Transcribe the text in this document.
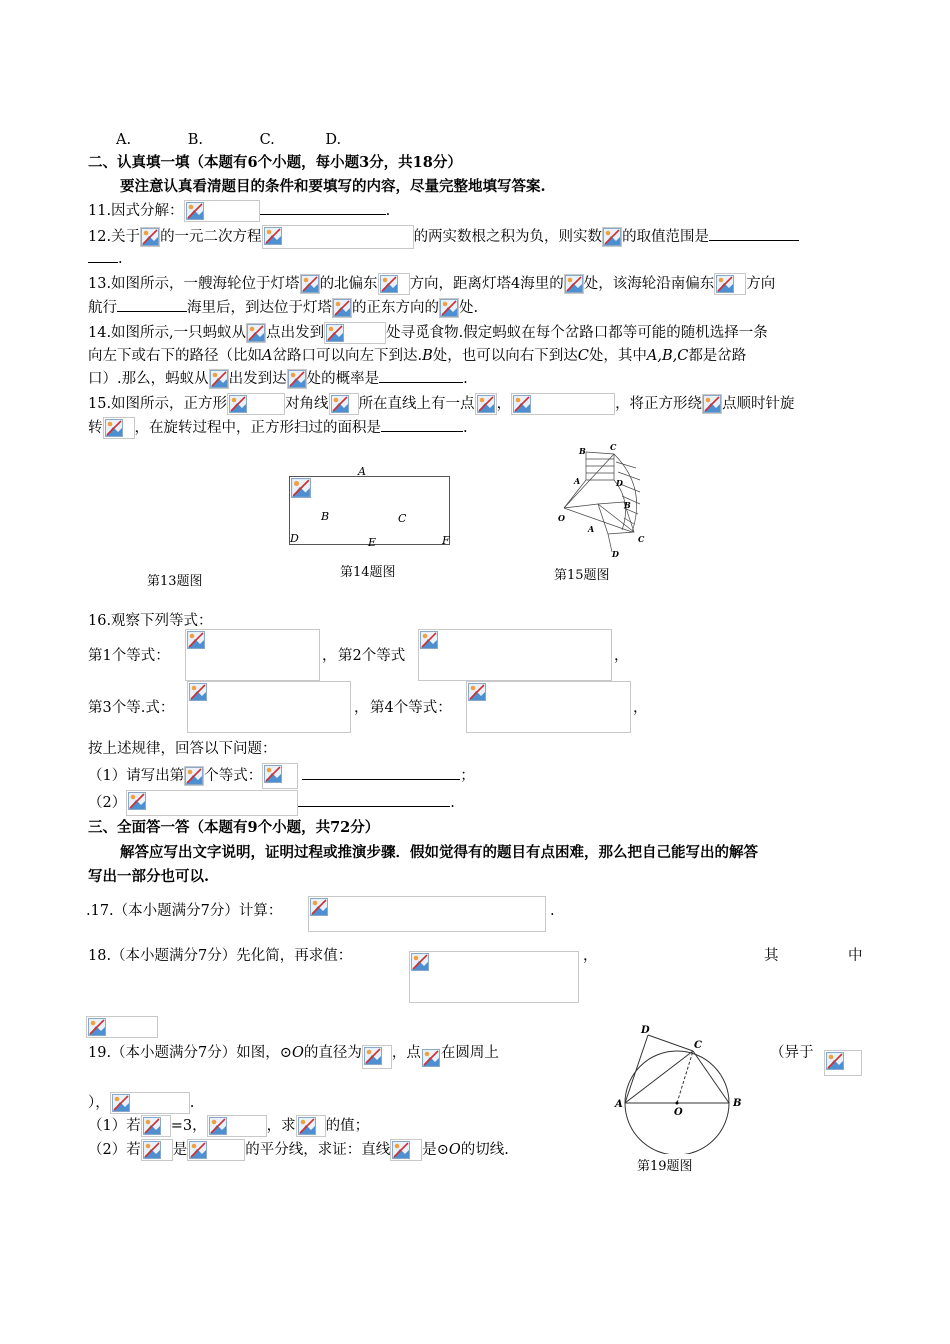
A.	B.	C.	D.
二、认真填一填（本题有6个小题，每小题3分，共18分）
要注意认真看清题目的条件和要填写的内容，尽量完整地填写答案.
11.因式分解：	.
12.关于 的一元二次方程	的两实数根之积为负，则实数 的取值范围是
.
13.如图所示，一艘海轮位于灯塔 的北偏东 方向，距离灯塔4海里的 处，该海轮沿南偏东 方向
航行	海里后，到达位于灯塔 的正东方向的 处.
14.如图所示,一只蚂蚁从 点出发到	处寻觅食物.假定蚂蚁在每个岔路口都等可能的随机选择一条
向左下或右下的路径（比如A岔路口可以向左下到达.B处，也可以向右下到达C处，其中A,B,C都是岔路
口）.那么，蚂蚁从 出发到达 处的概率是	.
15.如图所示，正方形	对角线 所在直线上有一点 ，	，将正方形绕 点顺时针旋
转 ，在旋转过程中，正方形扫过的面积是	.
A
B	C
D	E	F
第14题图
第13题图
B	C
A	D
O
B
A
C
D
第15题图
16.观察下列等式：
第1个等式：	， 第2个等式	，
第3个等.式：	， 第4个等式：	，
按上述规律，回答以下问题：
（1）请写出第 个等式：	；
（2）	.
三、全面答一答（本题有9个小题，共72分）
解答应写出文字说明，证明过程或推演步骤．假如觉得有的题目有点困难，那么把自己能写出的解答
写出一部分也可以.
.17.（本小题满分7分）计算：	.
18.（本小题满分7分）先化简，再求值：	，	其	中
19.（本小题满分7分）如图，⊙O的直径为 ，点 在圆周上	（异于
），	.
（1）若 =3，	，求 的值；
（2）若 是	的平分线，求证：直线 是⊙O的切线.
D
C
A
O
B
第19题图
